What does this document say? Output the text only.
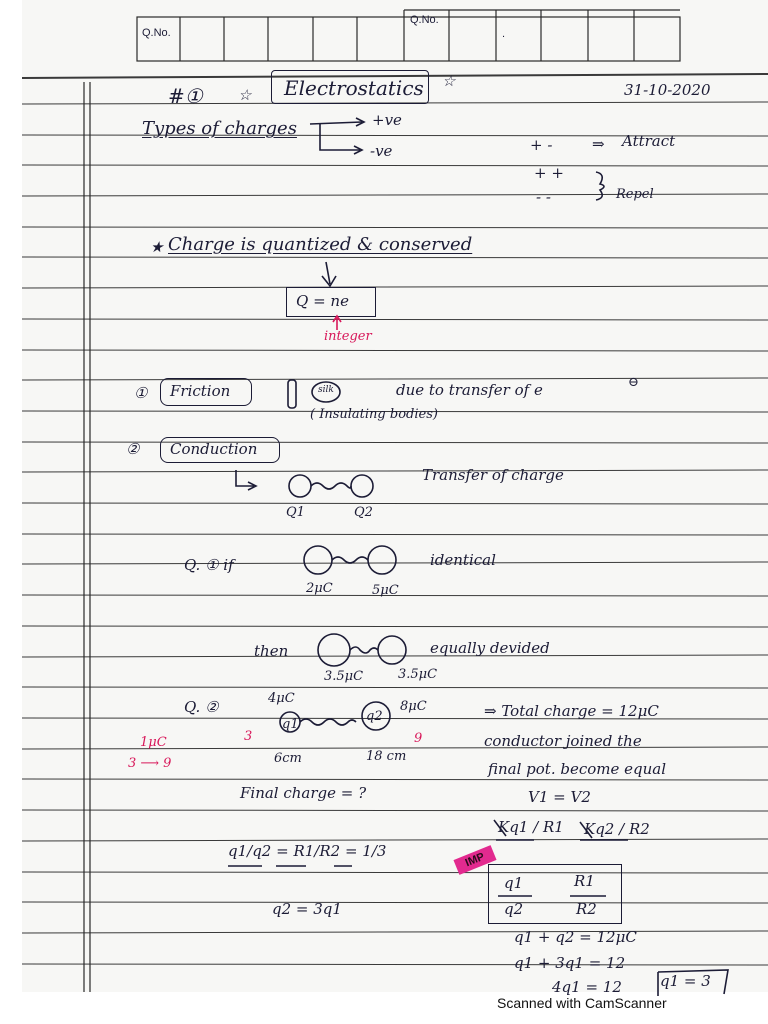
Q.No.
Q.No.
.
#① ☆ Electrostatics ☆	31-10-2020
Types of charges	+ve
-ve	+ -	⇒ Attract
+ +
- -	Repel
★ Charge is quantized & conserved
Q = ne
integer
① Friction	silk	due to transfer of e	⊖
( Insulating bodies)
② Conduction
Transfer of charge
Q1	Q2
Q. ① if	identical
2μC	5μC
then	equally devided
3.5μC	3.5μC
Q. ②	4μC
8μC
q1
q2
6cm	18 cm
1μC	3	9
3 ⟶ 9
⇒ Total charge = 12μC
conductor joined the
final pot. become equal
V1 = V2
Final charge = ?
Kq1 / R1 Kq2 / R2
q1/q2 = R1/R2 = 1/3
q2 = 3q1
IMP
q1	R1
q2	R2
q1 + q2 = 12μC
q1 + 3q1 = 12
4q1 = 12	q1 = 3
Scanned with CamScanner
